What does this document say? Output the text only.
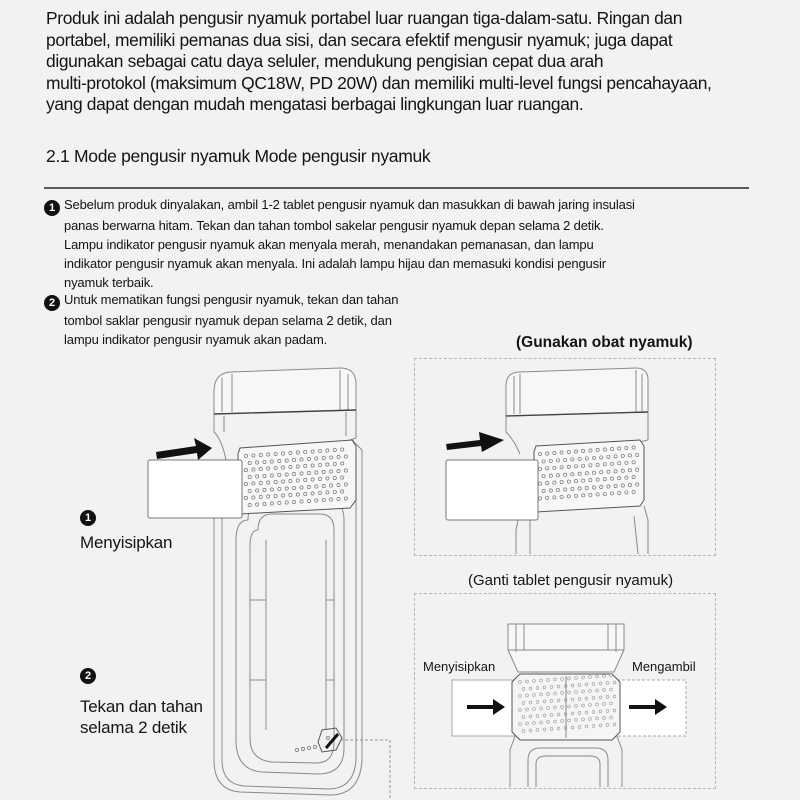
Produk ini adalah pengusir nyamuk portabel luar ruangan tiga-dalam-satu. Ringan dan
portabel, memiliki pemanas dua sisi, dan secara efektif mengusir nyamuk; juga dapat
digunakan sebagai catu daya seluler, mendukung pengisian cepat dua arah
multi-protokol (maksimum QC18W, PD 20W) dan memiliki multi-level fungsi pencahayaan,
yang dapat dengan mudah mengatasi berbagai lingkungan luar ruangan.
2.1 Mode pengusir nyamuk Mode pengusir nyamuk
1 Sebelum produk dinyalakan, ambil 1-2 tablet pengusir nyamuk dan masukkan di bawah jaring insulasi
panas berwarna hitam. Tekan dan tahan tombol sakelar pengusir nyamuk depan selama 2 detik.
Lampu indikator pengusir nyamuk akan menyala merah, menandakan pemanasan, dan lampu
indikator pengusir nyamuk akan menyala. Ini adalah lampu hijau dan memasuki kondisi pengusir
nyamuk terbaik.
2 Untuk mematikan fungsi pengusir nyamuk, tekan dan tahan
tombol saklar pengusir nyamuk depan selama 2 detik, dan
lampu indikator pengusir nyamuk akan padam.
1
Menyisipkan
2
Tekan dan tahan
selama 2 detik
(Gunakan obat nyamuk)
(Ganti tablet pengusir nyamuk)
Menyisipkan	Mengambil
